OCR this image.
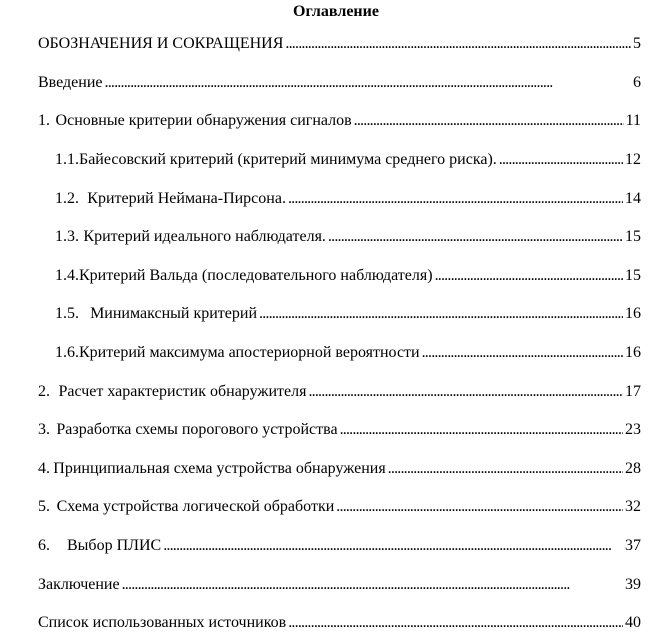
Оглавление
ОБОЗНАЧЕНИЯ И СОКРАЩЕНИЯ . . .	5
Введение . . .	6
1. Основные критерии обнаружения сигналов . . .	11
1.1. Байесовский критерий (критерий минимума среднего риска). . . .	12
1.2. Критерий Неймана-Пирсона. . . .	14
1.3. Критерий идеального наблюдателя. . . .	15
1.4. Критерий Вальда (последовательного наблюдателя) . . .	15
1.5. Минимаксный критерий . . .	16
1.6. Критерий максимума апостериорной вероятности . . .	16
2. Расчет характеристик обнаружителя . . .	17
3. Разработка схемы порогового устройства . . .	23
4. Принципиальная схема устройства обнаружения . . .	28
5. Схема устройства логической обработки . . .	32
6.	Выбор ПЛИС . . .	37
Заключение . . .	39
Список использованных источников . . .	40
